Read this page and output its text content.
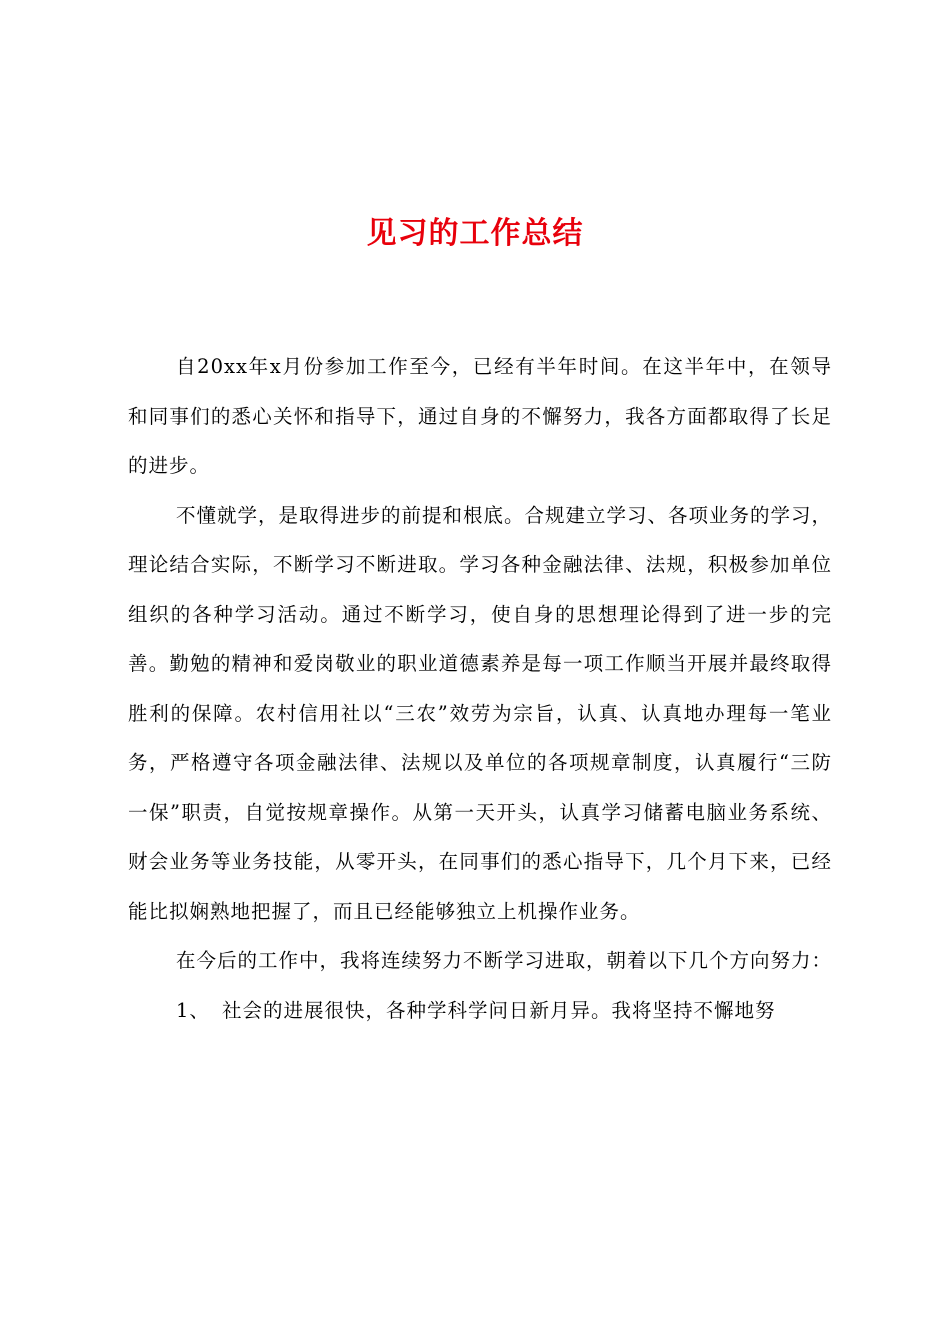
见习的工作总结

自20xx年x月份参加工作至今，已经有半年时间。在这半年中，在领导和同事们的悉心关怀和指导下，通过自身的不懈努力，我各方面都取得了长足的进步。

不懂就学，是取得进步的前提和根底。合规建立学习、各项业务的学习，理论结合实际，不断学习不断进取。学习各种金融法律、法规，积极参加单位组织的各种学习活动。通过不断学习，使自身的思想理论得到了进一步的完善。勤勉的精神和爱岗敬业的职业道德素养是每一项工作顺当开展并最终取得胜利的保障。农村信用社以“三农”效劳为宗旨，认真、认真地办理每一笔业务，严格遵守各项金融法律、法规以及单位的各项规章制度，认真履行“三防一保”职责，自觉按规章操作。从第一天开头，认真学习储蓄电脑业务系统、财会业务等业务技能，从零开头，在同事们的悉心指导下，几个月下来，已经能比拟娴熟地把握了，而且已经能够独立上机操作业务。

在今后的工作中，我将连续努力不断学习进取，朝着以下几个方向努力：

1、 社会的进展很快，各种学科学问日新月异。我将坚持不懈地努
